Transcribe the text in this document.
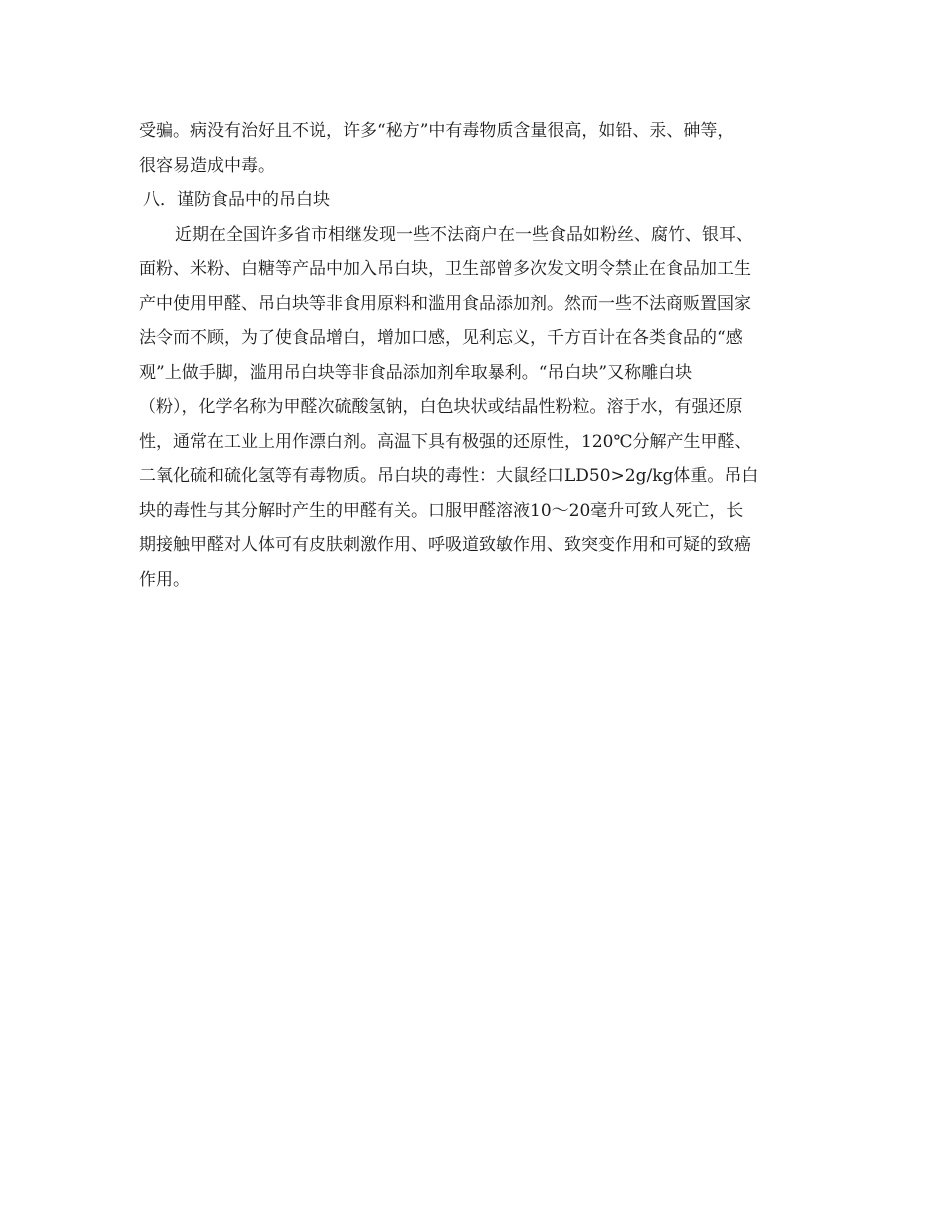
受骗。病没有治好且不说，许多“秘方”中有毒物质含量很高，如铅、汞、砷等，
很容易造成中毒。
八．谨防食品中的吊白块
近期在全国许多省市相继发现一些不法商户在一些食品如粉丝、腐竹、银耳、
面粉、米粉、白糖等产品中加入吊白块，卫生部曾多次发文明令禁止在食品加工生
产中使用甲醛、吊白块等非食用原料和滥用食品添加剂。然而一些不法商贩置国家
法令而不顾，为了使食品增白，增加口感，见利忘义，千方百计在各类食品的“感
观”上做手脚，滥用吊白块等非食品添加剂牟取暴利。“吊白块”又称雕白块
（粉），化学名称为甲醛次硫酸氢钠，白色块状或结晶性粉粒。溶于水，有强还原
性，通常在工业上用作漂白剂。高温下具有极强的还原性，120℃分解产生甲醛、
二氧化硫和硫化氢等有毒物质。吊白块的毒性：大鼠经口LD50>2g/kg体重。吊白
块的毒性与其分解时产生的甲醛有关。口服甲醛溶液10～20毫升可致人死亡，长
期接触甲醛对人体可有皮肤刺激作用、呼吸道致敏作用、致突变作用和可疑的致癌
作用。
